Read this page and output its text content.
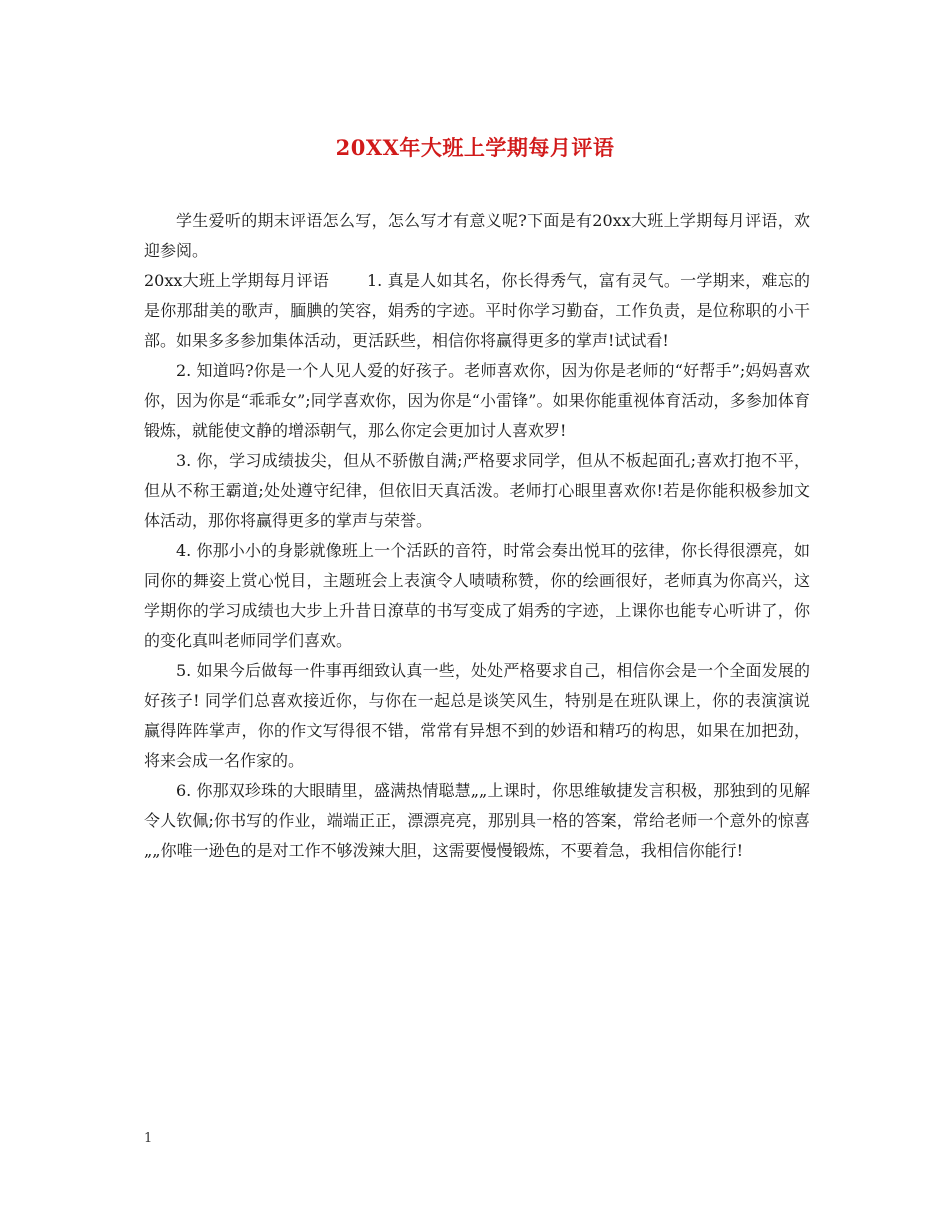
20XX年大班上学期每月评语

学生爱听的期末评语怎么写，怎么写才有意义呢?下面是有20xx大班上学期每月评语，欢迎参阅。

20xx大班上学期每月评语 1. 真是人如其名，你长得秀气，富有灵气。一学期来，难忘的是你那甜美的歌声，腼腆的笑容，娟秀的字迹。平时你学习勤奋，工作负责，是位称职的小干部。如果多多参加集体活动，更活跃些，相信你将赢得更多的掌声!试试看!

2. 知道吗?你是一个人见人爱的好孩子。老师喜欢你，因为你是老师的“好帮手”;妈妈喜欢你，因为你是“乖乖女”;同学喜欢你，因为你是“小雷锋”。如果你能重视体育活动，多参加体育锻炼，就能使文静的增添朝气，那么你定会更加讨人喜欢罗!

3. 你，学习成绩拔尖，但从不骄傲自满;严格要求同学，但从不板起面孔;喜欢打抱不平，但从不称王霸道;处处遵守纪律，但依旧天真活泼。老师打心眼里喜欢你!若是你能积极参加文体活动，那你将赢得更多的掌声与荣誉。

4. 你那小小的身影就像班上一个活跃的音符，时常会奏出悦耳的弦律，你长得很漂亮，如同你的舞姿上赏心悦目，主题班会上表演令人啧啧称赞，你的绘画很好，老师真为你高兴，这学期你的学习成绩也大步上升昔日潦草的书写变成了娟秀的字迹，上课你也能专心听讲了，你的变化真叫老师同学们喜欢。

5. 如果今后做每一件事再细致认真一些，处处严格要求自己，相信你会是一个全面发展的好孩子! 同学们总喜欢接近你，与你在一起总是谈笑风生，特别是在班队课上，你的表演演说赢得阵阵掌声，你的作文写得很不错，常常有异想不到的妙语和精巧的构思，如果在加把劲，将来会成一名作家的。

6. 你那双珍珠的大眼睛里，盛满热情聪慧„„上课时，你思维敏捷发言积极，那独到的见解令人钦佩;你书写的作业，端端正正，漂漂亮亮，那别具一格的答案，常给老师一个意外的惊喜„„你唯一逊色的是对工作不够泼辣大胆，这需要慢慢锻炼，不要着急，我相信你能行!

1
